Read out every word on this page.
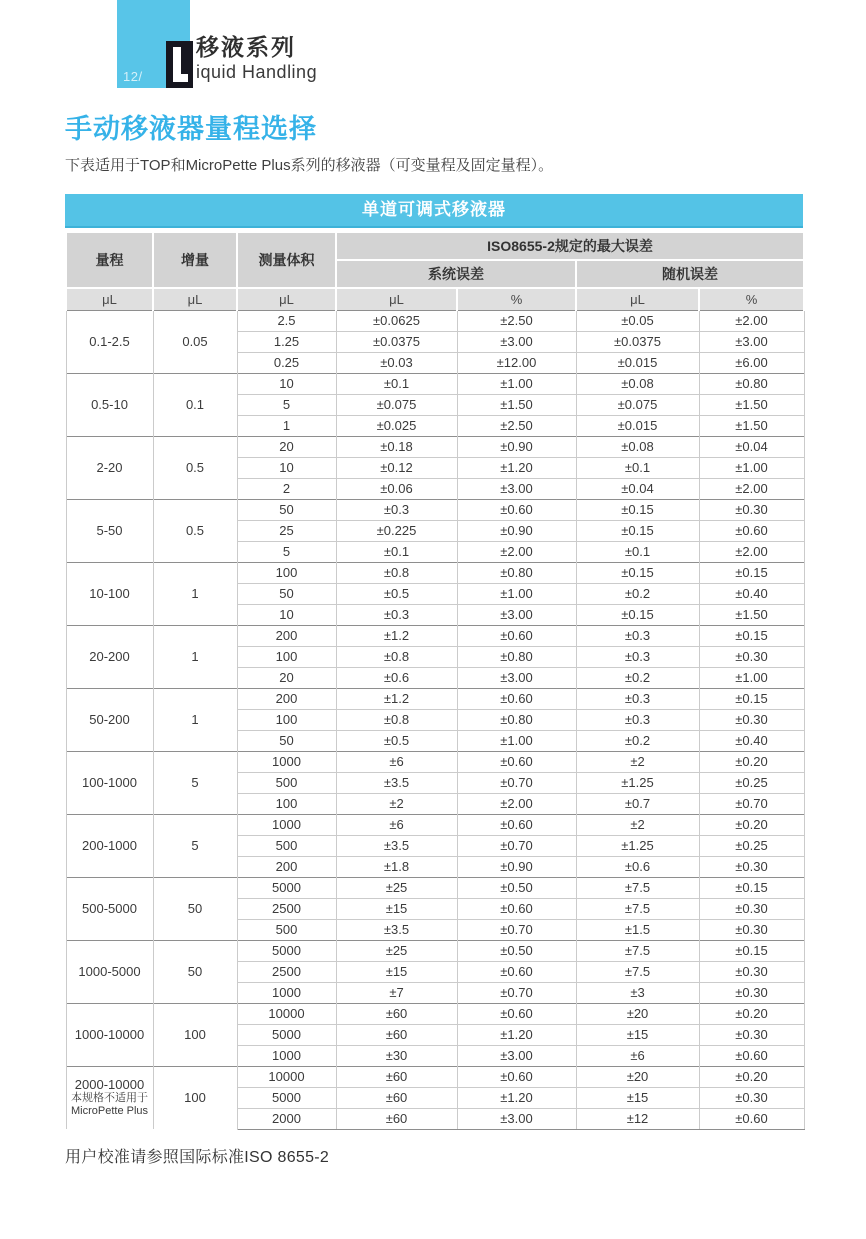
12/
移液系列
iquid Handling
手动移液器量程选择

下表适用于TOP和MicroPette Plus系列的移液器（可变量程及固定量程）。

单道可调式移液器
量程	增量	测量体积	ISO8655-2规定的最大误差			
			系统误差		随机误差	
μL	μL	μL	μL	%	μL	%
0.1-2.5	0.05	2.5	±0.0625	±2.50	±0.05	±2.00
		1.25	±0.0375	±3.00	±0.0375	±3.00
		0.25	±0.03	±12.00	±0.015	±6.00
0.5-10	0.1	10	±0.1	±1.00	±0.08	±0.80
		5	±0.075	±1.50	±0.075	±1.50
		1	±0.025	±2.50	±0.015	±1.50
2-20	0.5	20	±0.18	±0.90	±0.08	±0.04
		10	±0.12	±1.20	±0.1	±1.00
		2	±0.06	±3.00	±0.04	±2.00
5-50	0.5	50	±0.3	±0.60	±0.15	±0.30
		25	±0.225	±0.90	±0.15	±0.60
		5	±0.1	±2.00	±0.1	±2.00
10-100	1	100	±0.8	±0.80	±0.15	±0.15
		50	±0.5	±1.00	±0.2	±0.40
		10	±0.3	±3.00	±0.15	±1.50
20-200	1	200	±1.2	±0.60	±0.3	±0.15
		100	±0.8	±0.80	±0.3	±0.30
		20	±0.6	±3.00	±0.2	±1.00
50-200	1	200	±1.2	±0.60	±0.3	±0.15
		100	±0.8	±0.80	±0.3	±0.30
		50	±0.5	±1.00	±0.2	±0.40
100-1000	5	1000	±6	±0.60	±2	±0.20
		500	±3.5	±0.70	±1.25	±0.25
		100	±2	±2.00	±0.7	±0.70
200-1000	5	1000	±6	±0.60	±2	±0.20
		500	±3.5	±0.70	±1.25	±0.25
		200	±1.8	±0.90	±0.6	±0.30
500-5000	50	5000	±25	±0.50	±7.5	±0.15
		2500	±15	±0.60	±7.5	±0.30
		500	±3.5	±0.70	±1.5	±0.30
1000-5000	50	5000	±25	±0.50	±7.5	±0.15
		2500	±15	±0.60	±7.5	±0.30
		1000	±7	±0.70	±3	±0.30
1000-10000	100	10000	±60	±0.60	±20	±0.20
		5000	±60	±1.20	±15	±0.30
		1000	±30	±3.00	±6	±0.60
2000-10000
本规格不适用于
MicroPette Plus	100	10000	±60	±0.60	±20	±0.20
		5000	±60	±1.20	±15	±0.30
		2000	±60	±3.00	±12	±0.60

用户校准请参照国际标准ISO 8655-2
